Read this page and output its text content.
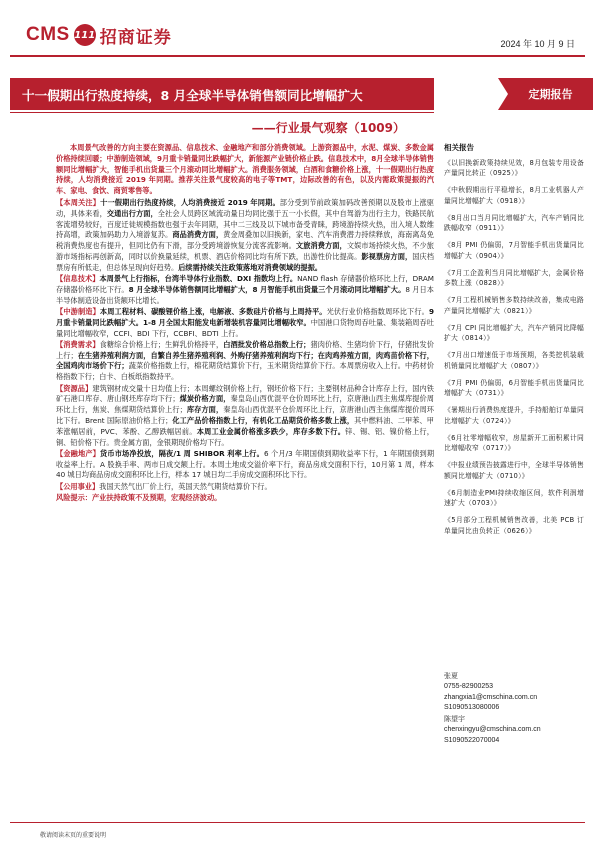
CMS 111 招商证券	2024 年 10 月 9 日
十一假期出行热度持续，8 月全球半导体销售额同比增幅扩大	定期报告
——行业景气观察（1009）
本周景气改善的方向主要在资源品、信息技术、金融地产和部分消费领域。上游资源品中，水泥、煤炭、多数金属价格持续回暖；中游制造领域，9月重卡销量同比跌幅扩大，新能源产业链价格止跌。信息技术中，8月全球半导体销售额同比增幅扩大，智能手机出货量三个月滚动同比增幅扩大。消费服务领域，白酒和食糖价格上涨，十一假期出行热度持续，人均消费接近 2019 年同期。推荐关注景气度较高的电子等TMT，边际改善的有色，以及内需政策提振的汽车、家电、食饮、商贸零售等。
【本周关注】十一假期出行热度持续，人均消费接近 2019 年同期。部分受到节前政策加码改善预期以及股市上涨驱动，具体来看，交通出行方面，全社会人员跨区域流动量日均同比强于五一小长假，其中自驾游为出行主力，铁路民航客流增势较好，百度迁徙规模指数也强于去年同期，其中二三线及以下城市备受青睐，跨境游持续火热，出入境人数维持高增，政策加码助力入境游复苏。商品消费方面，黄金周叠加以旧换新，家电、汽车消费潜力持续释放，海南离岛免税消费热度也有提升，但同比仍有下滑，部分受跨境游恢复分流客流影响。文旅消费方面，文娱市场持续火热，不少旅游市场指标再创新高，同时以价换量延续，机票、酒店价格同比均有所下跌，出游性价比提高。影视票房方面，国庆档票房有所低走，但总体呈现向好趋势。后续需持续关注政策落地对消费领域的提振。
【信息技术】本周景气上行指标，台湾半导体行业指数、DXI 指数均上行。NAND flash 存储器价格环比上行，DRAM 存储器价格环比下行。8 月全球半导体销售额同比增幅扩大，8 月智能手机出货量三个月滚动同比增幅扩大。8 月日本半导体制造设备出货额环比增长。
【中游制造】本周工程材料、碳酸锂价格上涨，电解液、多数硅片价格与上周持平。光伏行业价格指数周环比下行。9 月重卡销量同比跌幅扩大。1-8 月全国太阳能发电新增装机容量同比增幅收窄。中国港口货物周吞吐量、集装箱周吞吐量同比增幅收窄，CCFI、BDI 下行，CCBFI、BDTI 上行。
【消费需求】食糖综合价格上行；生鲜乳价格持平，白酒批发价格总指数上行；猪肉价格、生猪均价下行，仔猪批发价上行；在生猪养殖利润方面，自繁自养生猪养殖利润、外购仔猪养殖利润均下行；在肉鸡养殖方面，肉鸡苗价格下行，全国鸡肉市场价下行；蔬菜价格指数上行，棉花期货结算价下行，玉米期货结算价下行。本周票房收入上行。中药材价格指数下行；白卡、白板纸指数持平。
【资源品】建筑钢材成交量十日均值上行；本周螺纹钢价格上行，钢坯价格下行；主要钢材品种合计库存上行，国内铁矿石港口库存、唐山钢坯库存均下行；煤炭价格方面，秦皇岛山西优混平仓价周环比上行，京唐港山西主焦煤库提价周环比上行，焦炭、焦煤期货结算价上行；库存方面，秦皇岛山西优混平仓价周环比上行，京唐港山西主焦煤库提价周环比下行。Brent 国际原油价格上行；化工产品价格指数上行，有机化工品期货价格多数上涨，其中燃料油、二甲苯、甲苯涨幅居前，PVC、苯酚、乙醇跌幅居前。本周工业金属价格涨多跌少，库存多数下行。锌、锡、铝、镍价格上行，铜、铅价格下行。贵金属方面，金银期现价格均下行。
【金融地产】货币市场净投放，隔夜/1 周 SHIBOR 利率上行。6 个月/3 年期国债到期收益率下行，1 年期国债到期收益率上行。A 股换手率、两市日成交额上行。本周土地成交溢价率下行，商品房成交面积下行，10月第 1 周，样本 40 城日均商品房成交面积环比上行，样本 17 城日均二手房成交面积环比下行。
【公用事业】我国天然气出厂价上行，英国天然气期货结算价下行。
风险提示：产业扶持政策不及预期，宏观经济波动。
相关报告
《以旧换新政策持续见效，8月包装专用设备产量同比转正（0925）》
《中秋假期出行平稳增长，8月工业机器人产量同比增幅扩大（0918）》
《8月出口当月同比增幅扩大，汽车产销同比跌幅收窄（0911）》
《8月 PMI 仍偏弱，7月智能手机出货量同比增幅扩大（0904）》
《7月工企盈利当月同比增幅扩大，金属价格多数上涨（0828）》
《7月工程机械销售多数持续改善，集成电路产量同比增幅扩大（0821）》
《7月 CPI 同比增幅扩大，汽车产销同比降幅扩大（0814）》
《7月出口增速低于市场预期，各类挖机装载机销量同比增幅扩大（0807）》
《7月 PMI 仍偏弱，6月智能手机出货量同比增幅扩大（0731）》
《暑期出行消费热度提升，手持船舶订单量同比增幅扩大（0724）》
《6月社零增幅收窄，房屋新开工面积累计同比增幅收窄（0717）》
《中报业绩预告披露进行中，全球半导体销售额同比增幅扩大（0710）》
《6月制造业PMI持续收缩区间，软件利润增速扩大（0703）》
《5月部分工程机械销售改善，北美 PCB 订单量同比由负转正（0626）》
张夏
0755-82900253
zhangxia1@cmschina.com.cn
S1090513080006
陈望宇
chenxingyu@cmschina.com.cn
S1090522070004
敬请阅读末页的重要说明
